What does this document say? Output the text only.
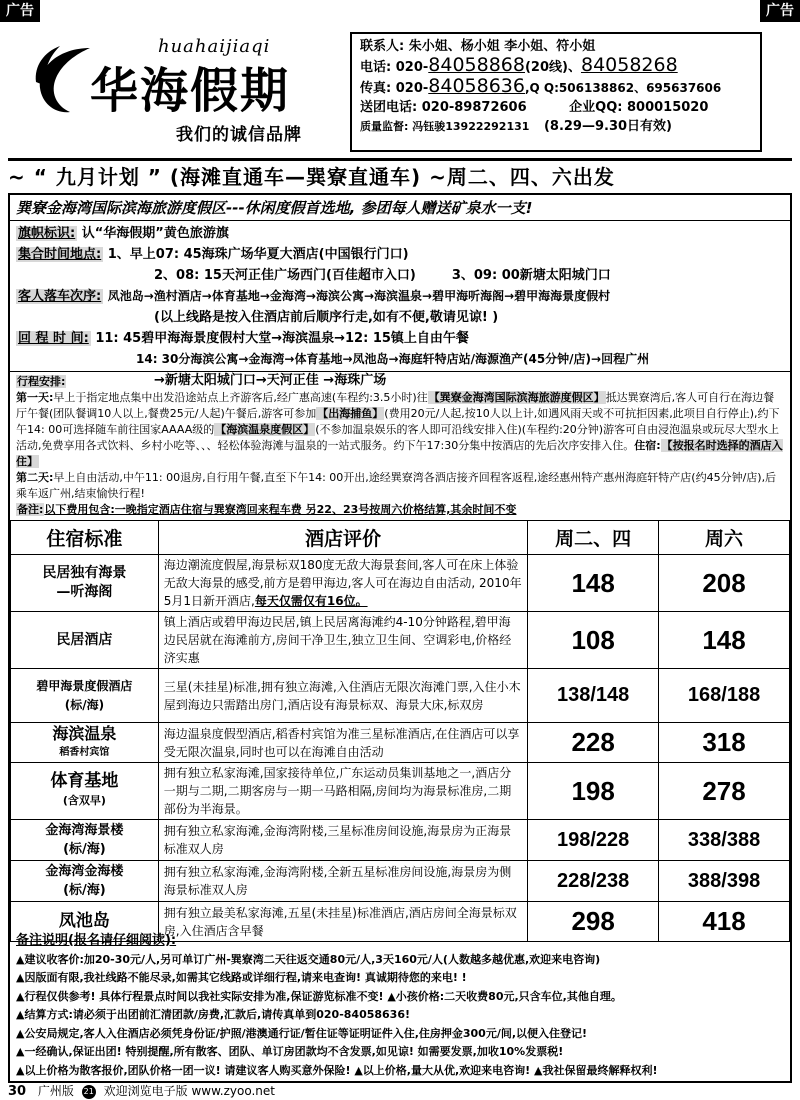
广告	广告
huahaijiaqi
华海假期
我们的诚信品牌
联系人: 朱小姐、杨小姐 李小姐、符小姐
电话: 020-84058868(20线)、84058268
传真: 020-84058636,Q Q:506138862、695637606
送团电话: 020-89872606	企业QQ: 800015020
质量监督: 冯钰骏13922292131 (8.29—9.30日有效)
~ “ 九月计划 ” (海滩直通车—巽寮直通车) ~周二、四、六出发
巽寮金海湾国际滨海旅游度假区---休闲度假首选地, 参团每人赠送矿泉水一支!
旗帜标识: 认“华海假期”黄色旅游旗
集合时间地点: 1、早上07: 45海珠广场华夏大酒店(中国银行门口)
2、08: 15天河正佳广场西门(百佳超市入口)	3、09: 00新塘太阳城门口
客人落车次序: 凤池岛→渔村酒店→体育基地→金海湾→海滨公寓→海滨温泉→碧甲海听海阁→碧甲海海景度假村
(以上线路是按入住酒店前后顺序行走,如有不便,敬请见谅! )
回 程 时 间: 11: 45碧甲海海景度假村大堂→海滨温泉→12: 15镇上自由午餐
14: 30分海滨公寓→金海湾→体育基地→凤池岛→海庭轩特店站/海源渔产(45分钟/店)→回程广州
→新塘太阳城门口→天河正佳 →海珠广场
行程安排:
第一天:早上于指定地点集中出发沿途站点上齐游客后,经广惠高速(车程约:3.5小时)往【巽寮金海湾国际滨海旅游度假区】抵达巽寮湾后,客人可自行在海边餐厅午餐(团队餐调10人以上,餐费25元/人起)午餐后,游客可参加【出海捕鱼】(费用20元/人起,按10人以上计,如遇风雨天或不可抗拒因素,此项目自行停止),约下午14: 00可选择随车前往国家AAAA级的【海滨温泉度假区】(不参加温泉娱乐的客人即可沿线安排入住)(车程约:20分钟)游客可自由浸泡温泉或玩尽大型水上活动,免费享用各式饮料、乡村小吃等、、、轻松体验海滩与温泉的一站式服务。约下午17:30分集中按酒店的先后次序安排入住。住宿:【按报名时选择的酒店入住】
第二天:早上自由活动,中午11: 00退房,自行用午餐,直至下午14: 00开出,途经巽寮湾各酒店接齐回程客返程,途经惠州特产惠州海庭轩特产店(约45分钟/店),后乘车返广州,结束愉快行程!
备注:以下费用包含:一晚指定酒店住宿与巽寮湾回来程车费 另22、23号按周六价格结算,其余时间不变
住宿标准	酒店评价	周二、四	周六

民居独有海景
—听海阁	海边潮流度假屋,海景标双180度无敌大海景套间,客人可在床上体验无敌大海景的感受,前方是碧甲海边,客人可在海边自由活动, 2010年5月1日新开酒店,每天仅需仅有16位。	148	208

民居酒店	镇上酒店或碧甲海边民居,镇上民居离海滩约4-10分钟路程,碧甲海边民居就在海滩前方,房间干净卫生,独立卫生间、空调彩电,价格经济实惠	108	148

碧甲海景度假酒店
(标/海)	三星(未挂星)标准,拥有独立海滩,入住酒店无限次海滩门票,入住小木屋到海边只需踏出房门,酒店设有海景标双、海景大床,标双房	138/148	168/188

海滨温泉
稻香村宾馆	海边温泉度假型酒店,稻香村宾馆为准三星标准酒店,在住酒店可以享受无限次温泉,同时也可以在海滩自由活动	228	318

体育基地
(含双早)	拥有独立私家海滩,国家接待单位,广东运动员集训基地之一,酒店分一期与二期,二期客房与一期一马路相隔,房间均为海景标准房,二期部份为半海景。	198	278

金海湾海景楼
(标/海)	拥有独立私家海滩,金海湾附楼,三星标准房间设施,海景房为正海景标准双人房	198/228	338/388

金海湾金海楼
(标/海)	拥有独立私家海滩,金海湾附楼,全新五星标准房间设施,海景房为侧海景标准双人房	228/238	388/398

凤池岛	拥有独立最美私家海滩,五星(未挂星)标准酒店,酒店房间全海景标双房,入住酒店含早餐	298	418
备注说明(报名请仔细阅读):
▲建议收客价:加20-30元/人,另可单订广州-巽寮湾二天往返交通80元/人,3天160元/人(人数越多越优惠,欢迎来电咨询)
▲因版面有限,我社线路不能尽录,如需其它线路或详细行程,请来电查询! 真诚期待您的来电! !
▲行程仅供参考! 具体行程景点时间以我社实际安排为准,保证游览标准不变! ▲小孩价格:二天收费80元,只含车位,其他自理。
▲结算方式:请必须于出团前汇清团款/房费,汇款后,请传真单到020-84058636!
▲公安局规定,客人入住酒店必须凭身份证/护照/港澳通行证/暂住证等证明证件入住,住房押金300元/间,以便入住登记!
▲一经确认,保证出团! 特别提醒,所有散客、团队、单订房团款均不含发票,如见谅! 如需要发票,加收10%发票税!
▲以上价格为散客报价,团队价格一团一议! 请建议客人购买意外保险! ▲以上价格,量大从优,欢迎来电咨询! ▲我社保留最终解释权利!
30 广州版 21 欢迎浏览电子版 www.zyoo.net
